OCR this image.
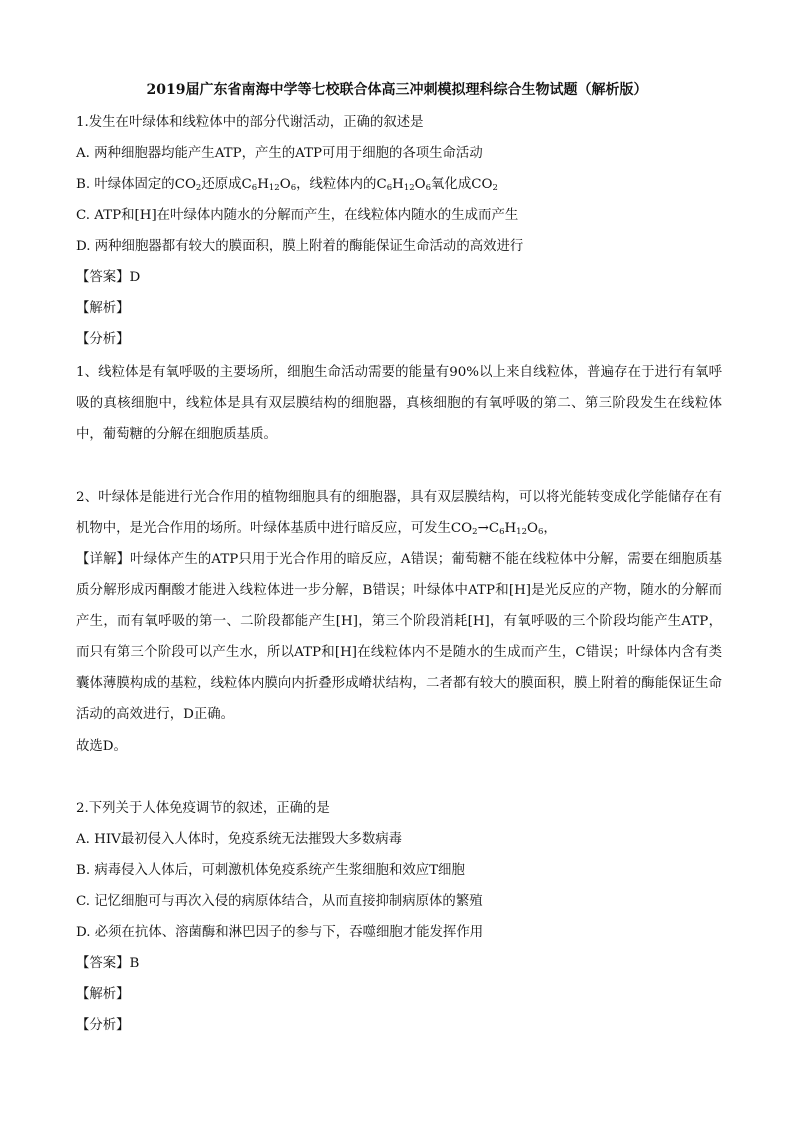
2019届广东省南海中学等七校联合体高三冲刺模拟理科综合生物试题（解析版）
1.发生在叶绿体和线粒体中的部分代谢活动，正确的叙述是
A. 两种细胞器均能产生ATP，产生的ATP可用于细胞的各项生命活动
B. 叶绿体固定的$CO_2$还原成$C_6H_{12}O_6$，线粒体内的$C_6H_{12}O_6$氧化成$CO_2$
C. ATP和[H]在叶绿体内随水的分解而产生，在线粒体内随水的生成而产生
D. 两种细胞器都有较大的膜面积，膜上附着的酶能保证生命活动的高效进行
【答案】D
【解析】
【分析】
1、线粒体是有氧呼吸的主要场所，细胞生命活动需要的能量有90%以上来自线粒体，普遍存在于进行有氧呼吸的真核细胞中，线粒体是具有双层膜结构的细胞器，真核细胞的有氧呼吸的第二、第三阶段发生在线粒体中，葡萄糖的分解在细胞质基质。
2、叶绿体是能进行光合作用的植物细胞具有的细胞器，具有双层膜结构，可以将光能转变成化学能储存在有机物中，是光合作用的场所。叶绿体基质中进行暗反应，可发生$CO_2\to C_6H_{12}O_6$，
【详解】叶绿体产生的ATP只用于光合作用的暗反应，A错误；葡萄糖不能在线粒体中分解，需要在细胞质基质分解形成丙酮酸才能进入线粒体进一步分解，B错误；叶绿体中ATP和[H]是光反应的产物，随水的分解而产生，而有氧呼吸的第一、二阶段都能产生[H]，第三个阶段消耗[H]，有氧呼吸的三个阶段均能产生ATP，而只有第三个阶段可以产生水，所以ATP和[H]在线粒体内不是随水的生成而产生，C错误；叶绿体内含有类囊体薄膜构成的基粒，线粒体内膜向内折叠形成嵴状结构，二者都有较大的膜面积，膜上附着的酶能保证生命活动的高效进行，D正确。
故选D。
2.下列关于人体免疫调节的叙述，正确的是
A. HIV最初侵入人体时，免疫系统无法摧毁大多数病毒
B. 病毒侵入人体后，可刺激机体免疫系统产生浆细胞和效应T细胞
C. 记忆细胞可与再次入侵的病原体结合，从而直接抑制病原体的繁殖
D. 必须在抗体、溶菌酶和淋巴因子的参与下，吞噬细胞才能发挥作用
【答案】B
【解析】
【分析】
